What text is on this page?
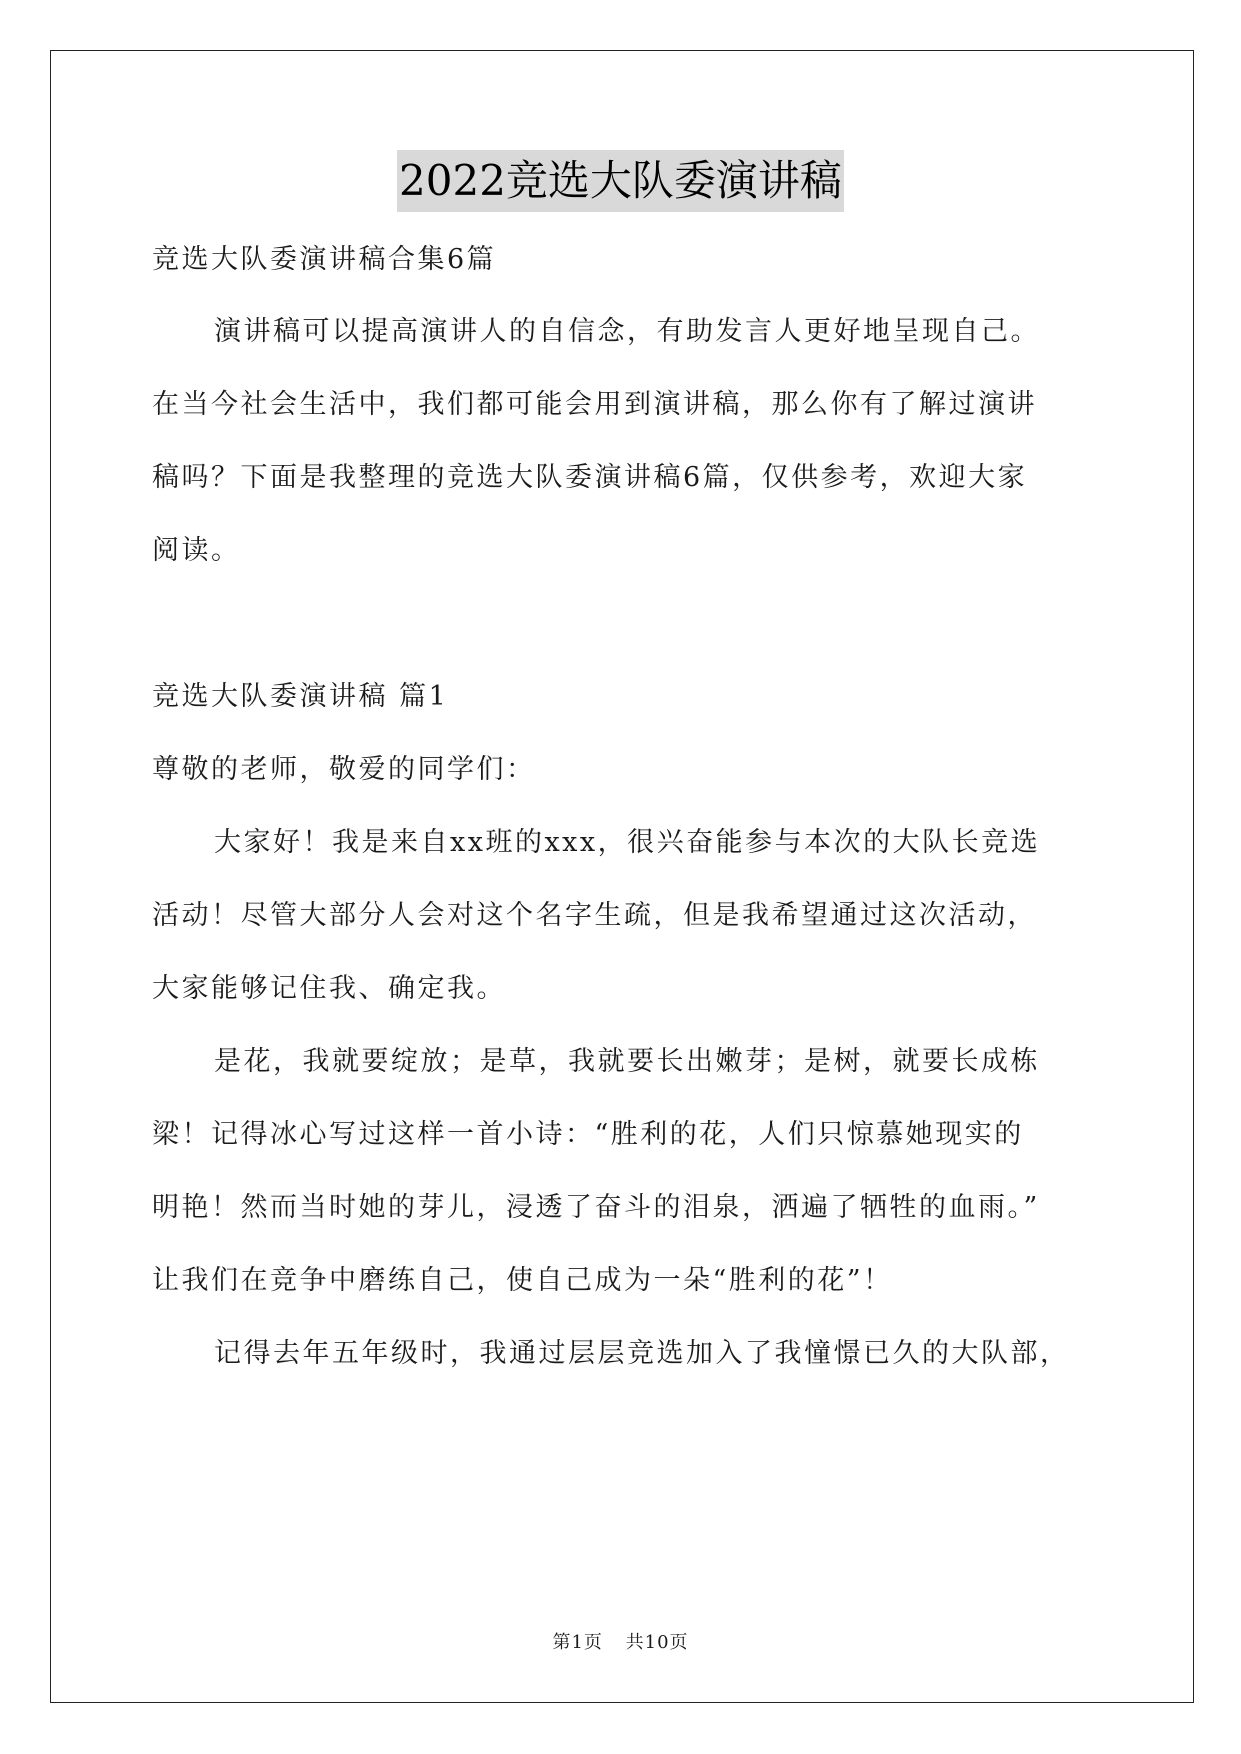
2022竞选大队委演讲稿
竞选大队委演讲稿合集6篇
演讲稿可以提高演讲人的自信念，有助发言人更好地呈现自己。
在当今社会生活中，我们都可能会用到演讲稿，那么你有了解过演讲
稿吗？下面是我整理的竞选大队委演讲稿6篇，仅供参考，欢迎大家
阅读。
竞选大队委演讲稿 篇1
尊敬的老师，敬爱的同学们：
大家好！我是来自xx班的xxx，很兴奋能参与本次的大队长竞选
活动！尽管大部分人会对这个名字生疏，但是我希望通过这次活动，
大家能够记住我、确定我。
是花，我就要绽放；是草，我就要长出嫩芽；是树，就要长成栋
梁！记得冰心写过这样一首小诗：“胜利的花，人们只惊慕她现实的
明艳！然而当时她的芽儿，浸透了奋斗的泪泉，洒遍了牺牲的血雨。”
让我们在竞争中磨练自己，使自己成为一朵“胜利的花”！
记得去年五年级时，我通过层层竞选加入了我憧憬已久的大队部，
第1页 共10页
